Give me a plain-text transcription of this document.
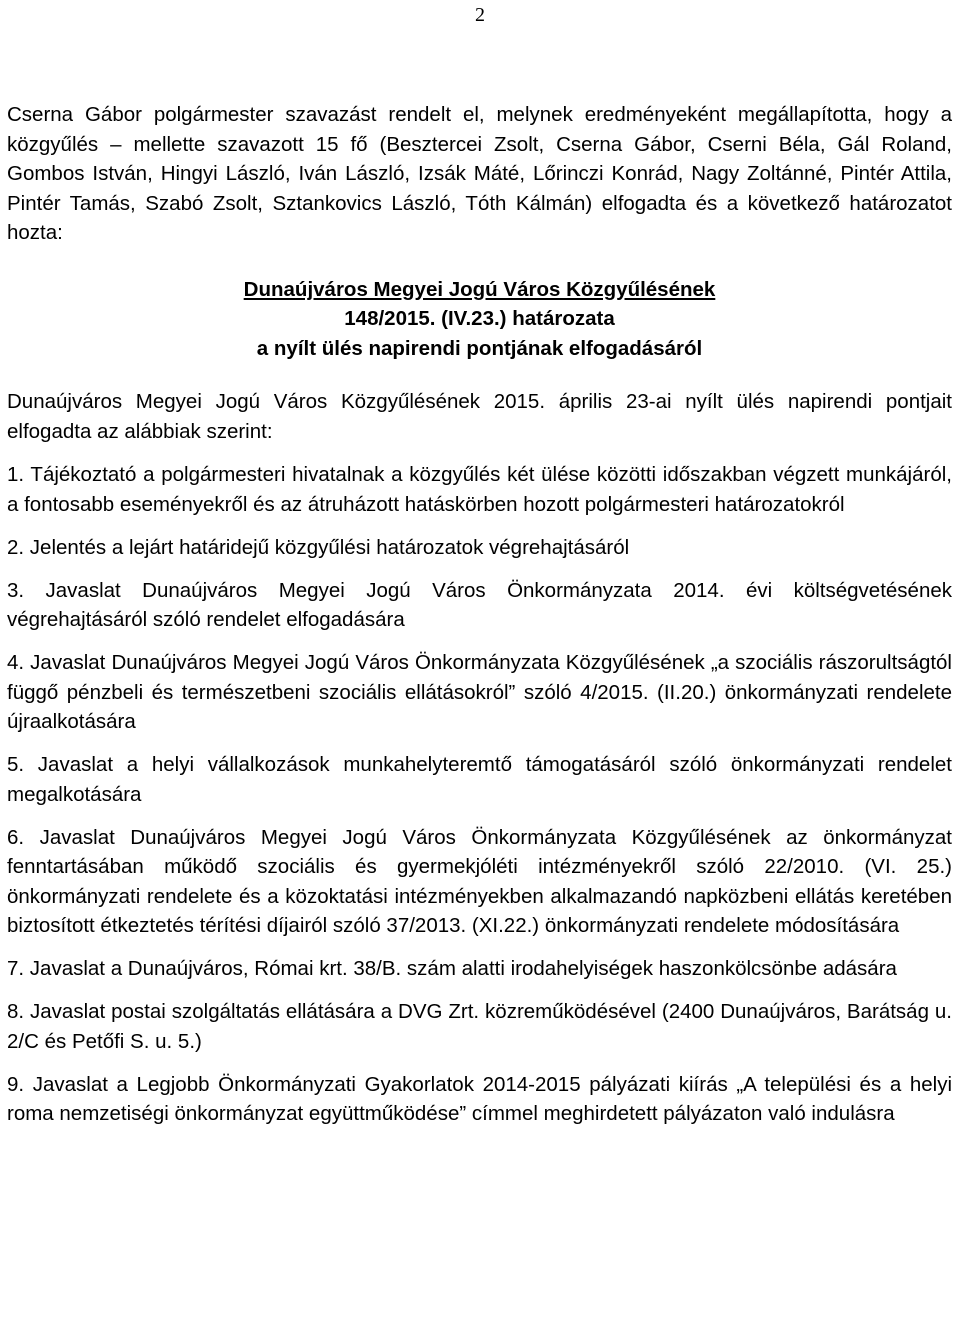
2

Cserna Gábor polgármester szavazást rendelt el, melynek eredményeként megállapította, hogy a közgyűlés – mellette szavazott 15 fő (Besztercei Zsolt, Cserna Gábor, Cserni Béla, Gál Roland, Gombos István, Hingyi László, Iván László, Izsák Máté, Lőrinczi Konrád, Nagy Zoltánné, Pintér Attila, Pintér Tamás, Szabó Zsolt, Sztankovics László, Tóth Kálmán) elfogadta és a következő határozatot hozta:

Dunaújváros Megyei Jogú Város Közgyűlésének
148/2015. (IV.23.) határozata
a nyílt ülés napirendi pontjának elfogadásáról

Dunaújváros Megyei Jogú Város Közgyűlésének 2015. április 23-ai nyílt ülés napirendi pontjait elfogadta az alábbiak szerint:

1. Tájékoztató a polgármesteri hivatalnak a közgyűlés két ülése közötti időszakban végzett munkájáról, a fontosabb eseményekről és az átruházott hatáskörben hozott polgármesteri határozatokról
2. Jelentés a lejárt határidejű közgyűlési határozatok végrehajtásáról
3. Javaslat Dunaújváros Megyei Jogú Város Önkormányzata 2014. évi költségvetésének végrehajtásáról szóló rendelet elfogadására
4. Javaslat Dunaújváros Megyei Jogú Város Önkormányzata Közgyűlésének „a szociális rászorultságtól függő pénzbeli és természetbeni szociális ellátásokról” szóló 4/2015. (II.20.) önkormányzati rendelete újraalkotására
5. Javaslat a helyi vállalkozások munkahelyteremtő támogatásáról szóló önkormányzati rendelet megalkotására
6. Javaslat Dunaújváros Megyei Jogú Város Önkormányzata Közgyűlésének az önkormányzat fenntartásában működő szociális és gyermekjóléti intézményekről szóló 22/2010. (VI. 25.) önkormányzati rendelete és a közoktatási intézményekben alkalmazandó napközbeni ellátás keretében biztosított étkeztetés térítési díjairól szóló 37/2013. (XI.22.) önkormányzati rendelete módosítására
7. Javaslat a Dunaújváros, Római krt. 38/B. szám alatti irodahelyiségek haszonkölcsönbe adására
8. Javaslat postai szolgáltatás ellátására a DVG Zrt. közreműködésével (2400 Dunaújváros, Barátság u. 2/C és Petőfi S. u. 5.)
9. Javaslat a Legjobb Önkormányzati Gyakorlatok 2014-2015 pályázati kiírás „A települési és a helyi roma nemzetiségi önkormányzat együttműködése” címmel meghirdetett pályázaton való indulásra
